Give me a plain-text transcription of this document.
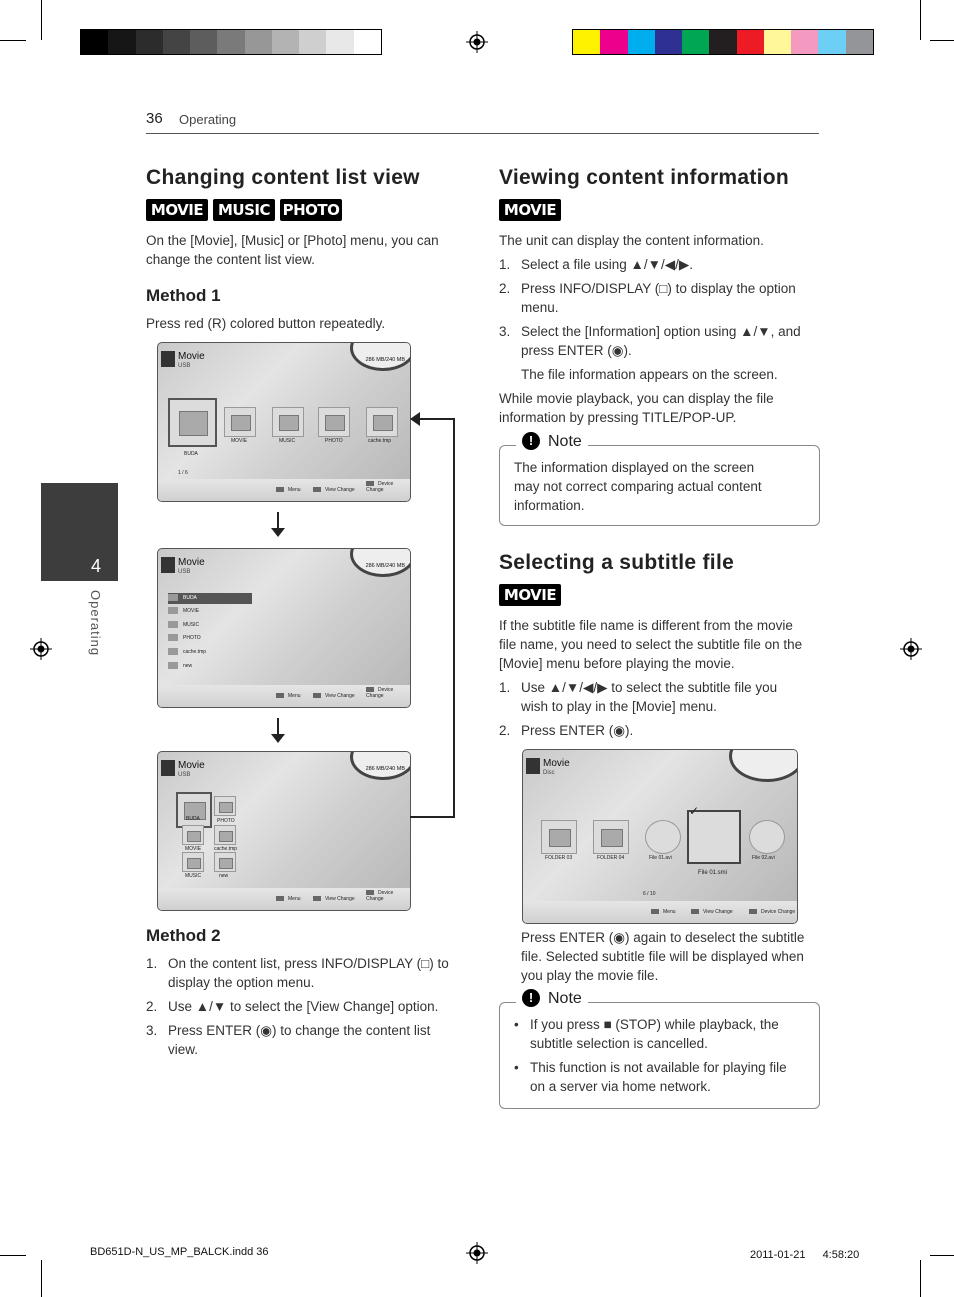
36 Operating
4
Operating
Changing content list view
MOVIE MUSIC PHOTO
On the [Movie], [Music] or [Photo] menu, you can change the content list view.
Method 1
Press red (R) colored button repeatedly.
Movie
USB
286 MB/240 MB
BUDA
MOVIE	MUSIC	PHOTO	cache.tmp
1 / 6
Menu	View Change
Device Change
Movie
USB
286 MB/240 MB
BUDA
MOVIE
MUSIC
PHOTO
cache.tmp
new
Menu	View Change
Device Change
Movie
USB
286 MB/240 MB
BUDA	PHOTO
MOVIE	cache.tmp
MUSIC	new
Menu	View Change
Device Change
Method 2
1. On the content list, press INFO/DISPLAY (□) to
display the option menu.
2. Use ▲/▼ to select the [View Change] option.
3. Press ENTER (◉) to change the content list
view.
Viewing content information
MOVIE
The unit can display the content information.
1. Select a file using ▲/▼/◀/▶.
2. Press INFO/DISPLAY (□) to display the option
menu.
3. Select the [Information] option using ▲/▼, and
press ENTER (◉).
The file information appears on the screen.
While movie playback, you can display the file
information by pressing TITLE/POP-UP.
! Note
The information displayed on the screen
may not correct comparing actual content
information.
Selecting a subtitle file
MOVIE
If the subtitle file name is different from the movie
file name, you need to select the subtitle file on the
[Movie] menu before playing the movie.
1. Use ▲/▼/◀/▶ to select the subtitle file you
wish to play in the [Movie] menu.
2. Press ENTER (◉).
Movie
Disc
FOLDER 03	FOLDER 04	File 01.avi
✓
File 01.smi
File 02.avi
6 / 10
Menu	View Change	Device Change
Press ENTER (◉) again to deselect the subtitle
file. Selected subtitle file will be displayed when
you play the movie file.
! Note
• If you press ■ (STOP) while playback, the
subtitle selection is cancelled.
• This function is not available for playing file
on a server via home network.
BD651D-N_US_MP_BALCK.indd 36	2011-01-21 　 4:58:20
